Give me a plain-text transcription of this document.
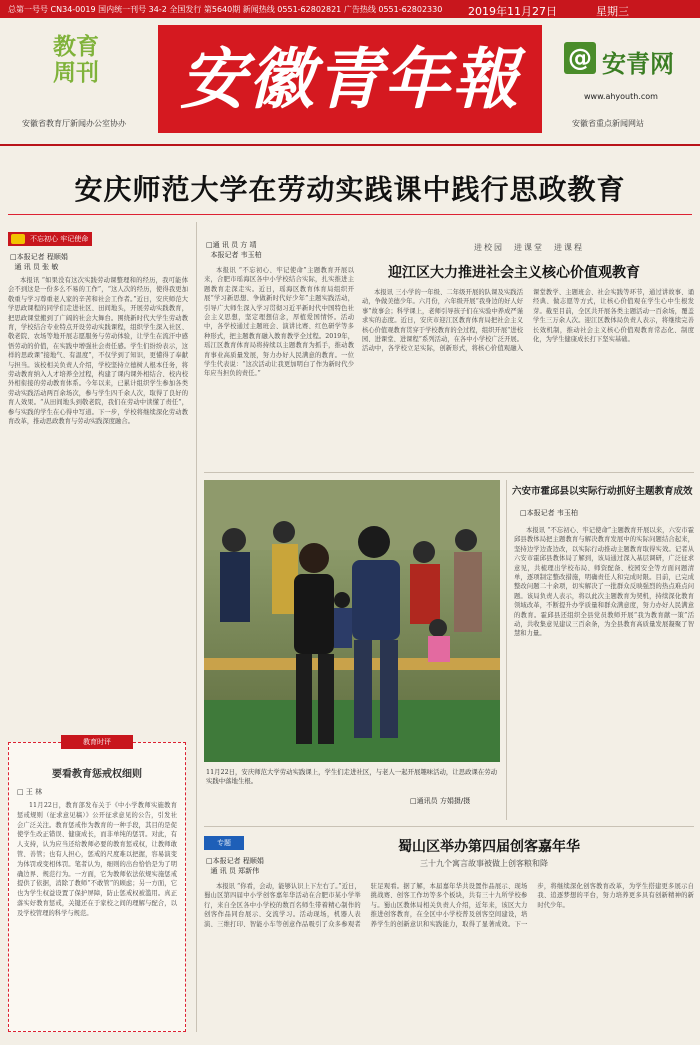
总第一号号 CN34-0019 国内统一刊号 34-2 全国发行 第5640期 新闻热线 0551-62802821 广告热线 0551-62802330 2019年11月27日	星期三
教育
周刊
安徽省教育厅新闻办公室协办
安徽青年報	@ 安青网
www.ahyouth.com
安徽省重点新闻网站
安庆师范大学在劳动实践课中践行思政教育
不忘初心 牢记使命
□本报记者 程顺娟
通 讯 员 张 敏
本报讯 “如果没有这次实践劳动课整理和的经历，我可能体会不到这是一份多么不易的工作”，“这人次的经历，使得我更加敬重与学习尊重老人家的辛苦和社会工作者。”近日，安庆师范大学思政课程的同学们走进社区、田间地头，开展劳动实践教育，把思政课堂搬到了广阔的社会大舞台。围绕新时代大学生劳动教育，学校结合专业特点开设劳动实践课程，组织学生深入社区、敬老院、农场等地开展志愿服务与劳动体验，让学生在流汗中感悟劳动的价值，在实践中增强社会责任感。学生们纷纷表示，这样的思政课“接地气、有温度”，不仅学到了知识，更懂得了奉献与担当。该校相关负责人介绍，学校坚持立德树人根本任务，将劳动教育纳入人才培养全过程，构建了课内课外相结合、校内校外相衔接的劳动教育体系。今年以来，已累计组织学生参加各类劳动实践活动两百余场次，参与学生四千余人次，取得了良好的育人效果。“从田间地头到敬老院，我们在劳动中读懂了责任”，参与实践的学生在心得中写道。下一步，学校将继续深化劳动教育改革，推动思政教育与劳动实践深度融合。
□通 讯 员 方 靖
本报记者 韦玉柏
本报讯 “不忘初心、牢记使命”主题教育开展以来，合肥市瑶海区各中小学校结合实际，扎实推进主题教育走深走实。近日，瑶海区教育体育局组织开展“学习新思想、争做新时代好少年”主题实践活动，引导广大师生深入学习贯彻习近平新时代中国特色社会主义思想，坚定理想信念，厚植爱国情怀。活动中，各学校通过主题班会、演讲比赛、红色研学等多种形式，把主题教育融入教育教学全过程。2019年，瑶江区教育体育局将持续以主题教育为抓手，推动教育事业高质量发展，努力办好人民满意的教育。一位学生代表说：“这次活动让我更加明白了作为新时代少年应当担负的责任。”
进校园　进课堂　进课程
迎江区大力推进社会主义核心价值观教育
本报讯 三小学的一年级、二年级开展的队课及实践活动，争做美德少年。六月份，六年级开展“我身边的好人好事”故事会；科学课上，老师引导孩子们在实验中养成严谨求实的态度。近日，安庆市迎江区教育体育局把社会主义核心价值观教育贯穿于学校教育的全过程，组织开展“进校园、进课堂、进课程”系列活动，在各中小学校广泛开展。活动中，各学校立足实际，创新形式，将核心价值观融入课堂教学、主题班会、社会实践等环节，通过讲故事、诵经典、做志愿等方式，让核心价值观在学生心中生根发芽。截至目前，全区共开展各类主题活动一百余场，覆盖学生三万余人次。迎江区教体局负责人表示，将继续完善长效机制，推动社会主义核心价值观教育常态化、制度化，为学生健康成长打下坚实基础。
11月22日，安庆师范大学劳动实践课上，学生们走进社区，与老人一起开展趣味活动，让思政课在劳动实践中落地生根。
□通讯员 方娟摄/摄
六安市霍邱县以实际行动抓好主题教育成效
□本报记者 韦玉柏
本报讯 “不忘初心、牢记使命”主题教育开展以来，六安市霍邱县教体局把主题教育与解决教育发展中的实际问题结合起来，坚持边学边查边改，以实际行动推动主题教育取得实效。记者从六安市霍邱县教体局了解到，该局通过深入基层调研，广泛征求意见，共梳理出学校布局、师资配备、校园安全等方面问题清单，逐项制定整改措施，明确责任人和完成时限。目前，已完成整改问题二十余项，切实解决了一批群众反映强烈的热点难点问题。该局负责人表示，将以此次主题教育为契机，持续深化教育领域改革，不断提升办学质量和群众满意度，努力办好人民满意的教育。霍邱县还组织全县党员教师开展“我为教育献一策”活动，共收集意见建议三百余条，为全县教育高质量发展凝聚了智慧和力量。
教育时评
要看教育惩戒权细则
□ 王 林
11月22日，教育部发布关于《中小学教师实施教育惩戒规则（征求意见稿）》公开征求意见的公告，引发社会广泛关注。教育惩戒作为教育的一种手段，其目的是促使学生改正错误、健康成长，而非单纯的惩罚。对此，有人支持，认为应当还给教师必要的教育惩戒权，让教师敢管、善管；也有人担心，惩戒的尺度难以把握，容易演变为体罚或变相体罚。笔者认为，细则的出台恰恰是为了明确边界、规范行为。一方面，它为教师依法依规实施惩戒提供了依据，消除了教师“不敢管”的顾虑；另一方面，它也为学生权益设置了保护屏障，防止惩戒权被滥用。真正落实好教育惩戒，关键还在于家校之间的理解与配合，以及学校管理的科学与规范。
专题
□本报记者 程顺娟
通 讯 员 郑新伟
蜀山区举办第四届创客嘉年华
三十九个寓言故事被做上创客粮和降
本报讯 “你看，会动，能够认识上下左右了。”近日，蜀山区第四届中小学创客嘉年华活动在合肥市某小学举行，来自全区各中小学校的数百名师生带着精心制作的创客作品同台展示、交流学习。活动现场，机器人表演、三维打印、智能小车等创意作品吸引了众多参观者驻足观看。据了解，本届嘉年华共设置作品展示、现场挑战赛、创客工作坊等多个板块，共有三十九所学校参与。蜀山区教体局相关负责人介绍，近年来，该区大力推进创客教育，在全区中小学校普及创客空间建设，培养学生的创新意识和实践能力，取得了显著成效。下一步，将继续深化创客教育改革，为学生搭建更多展示自我、追逐梦想的平台，努力培养更多具有创新精神的新时代少年。
